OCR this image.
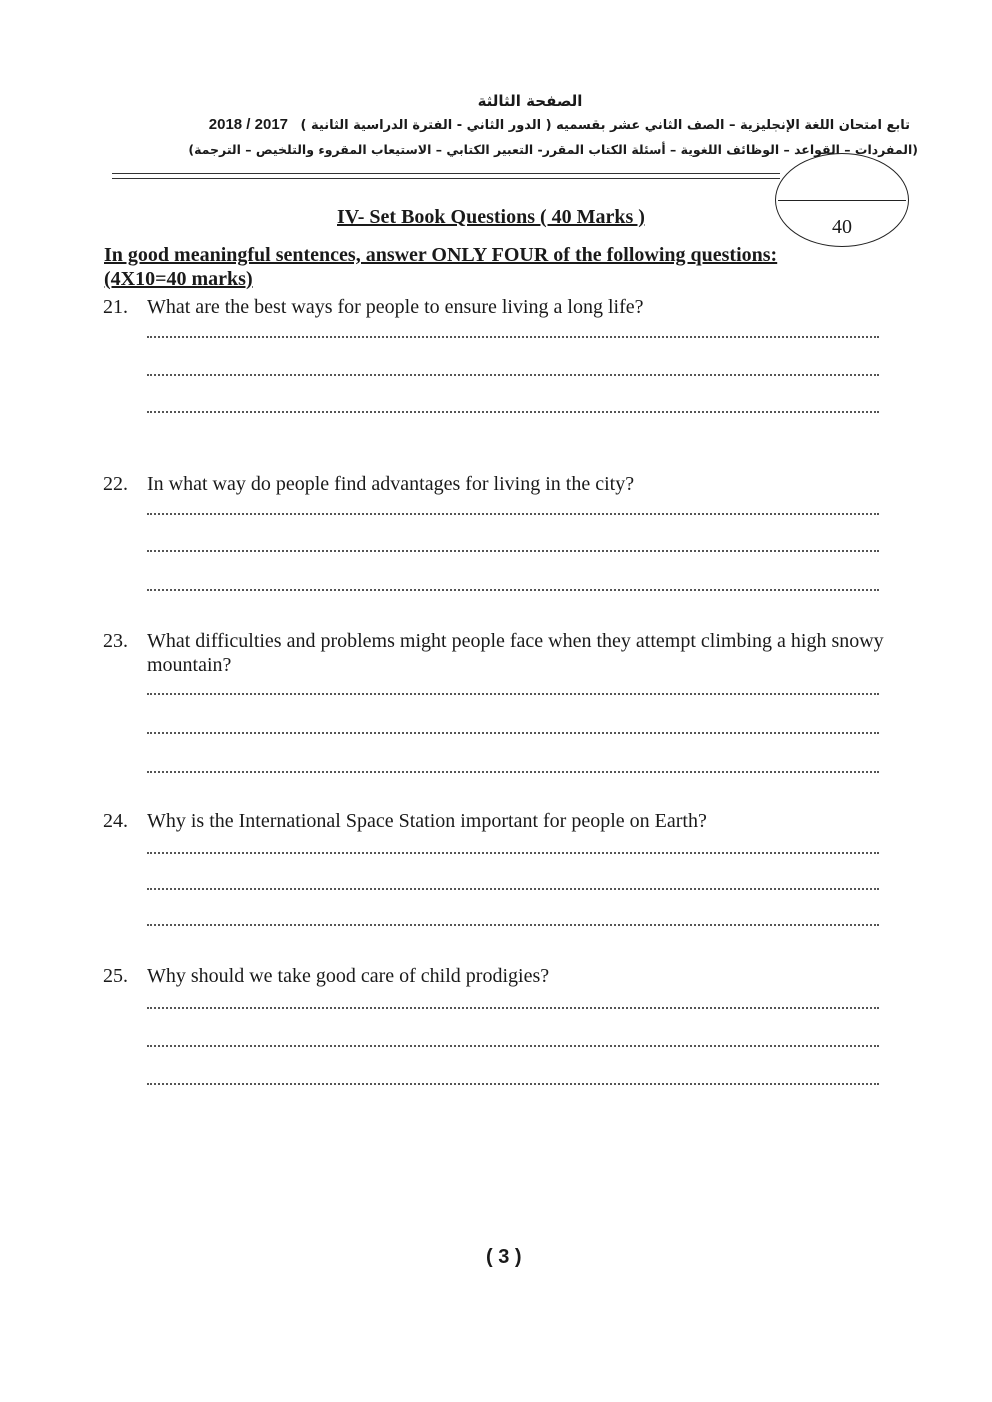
الصفحة الثالثة
تابع امتحان اللغة الإنجليزية – الصف الثاني عشر بقسميه ( الدور الثاني - الفترة الدراسية الثانية ) 2018 / 2017
(المفردات – القواعد – الوظائف اللغوية – أسئلة الكتاب المقرر- التعبير الكتابي – الاستيعاب المقروء والتلخيص – الترجمة)
40
IV- Set Book Questions ( 40 Marks )
In good meaningful sentences, answer ONLY FOUR of the following questions: (4X10=40 marks)
21. What are the best ways for people to ensure living a long life?
22. In what way do people find advantages for living in the city?
23. What difficulties and problems might people face when they attempt climbing a high snowy mountain?
24. Why is the International Space Station important for people on Earth?
25. Why should we take good care of child prodigies?
( 3 )
